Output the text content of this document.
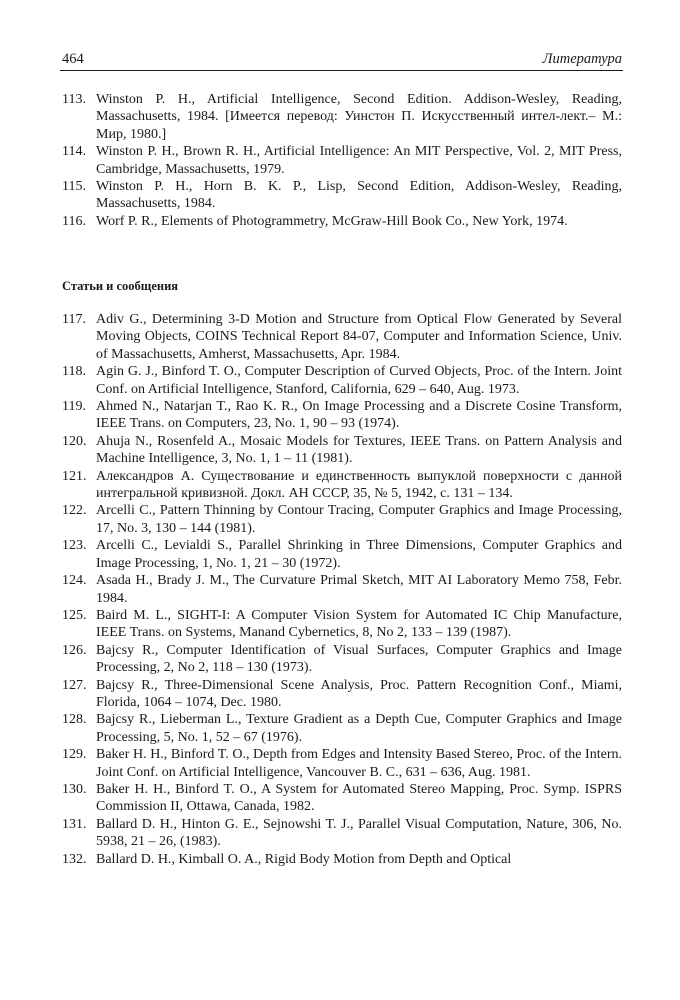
464	Литература
113. Winston P. H., Artificial Intelligence, Second Edition. Addison-Wesley, Reading, Massachusetts, 1984. [Имеется перевод: Уинстон П. Искусственный интел-лект.– М.: Мир, 1980.]
114. Winston P. H., Brown R. H., Artificial Intelligence: An MIT Perspective, Vol. 2, MIT Press, Cambridge, Massachusetts, 1979.
115. Winston P. H., Horn B. K. P., Lisp, Second Edition, Addison-Wesley, Reading, Massachusetts, 1984.
116. Worf P. R., Elements of Photogrammetry, McGraw-Hill Book Co., New York, 1974.
Статьи и сообщения
117. Adiv G., Determining 3-D Motion and Structure from Optical Flow Generated by Several Moving Objects, COINS Technical Report 84-07, Computer and Information Science, Univ. of Massachusetts, Amherst, Massachusetts, Apr. 1984.
118. Agin G. J., Binford T. O., Computer Description of Curved Objects, Proc. of the Intern. Joint Conf. on Artificial Intelligence, Stanford, California, 629 – 640, Aug. 1973.
119. Ahmed N., Natarjan T., Rao K. R., On Image Processing and a Discrete Cosine Transform, IEEE Trans. on Computers, 23, No. 1, 90 – 93 (1974).
120. Ahuja N., Rosenfeld A., Mosaic Models for Textures, IEEE Trans. on Pattern Analysis and Machine Intelligence, 3, No. 1, 1 – 11 (1981).
121. Александров А. Существование и единственность выпуклой поверхности с данной интегральной кривизной. Докл. АН СССР, 35, № 5, 1942, с. 131 – 134.
122. Arcelli C., Pattern Thinning by Contour Tracing, Computer Graphics and Image Processing, 17, No. 3, 130 – 144 (1981).
123. Arcelli C., Levialdi S., Parallel Shrinking in Three Dimensions, Computer Graphics and Image Processing, 1, No. 1, 21 – 30 (1972).
124. Asada H., Brady J. M., The Curvature Primal Sketch, MIT AI Laboratory Memo 758, Febr. 1984.
125. Baird M. L., SIGHT-I: A Computer Vision System for Automated IC Chip Manufacture, IEEE Trans. on Systems, Manand Cybernetics, 8, No 2, 133 – 139 (1987).
126. Bajcsy R., Computer Identification of Visual Surfaces, Computer Graphics and Image Processing, 2, No 2, 118 – 130 (1973).
127. Bajcsy R., Three-Dimensional Scene Analysis, Proc. Pattern Recognition Conf., Miami, Florida, 1064 – 1074, Dec. 1980.
128. Bajcsy R., Lieberman L., Texture Gradient as a Depth Cue, Computer Graphics and Image Processing, 5, No. 1, 52 – 67 (1976).
129. Baker H. H., Binford T. O., Depth from Edges and Intensity Based Stereo, Proc. of the Intern. Joint Conf. on Artificial Intelligence, Vancouver B. C., 631 – 636, Aug. 1981.
130. Baker H. H., Binford T. O., A System for Automated Stereo Mapping, Proc. Symp. ISPRS Commission II, Ottawa, Canada, 1982.
131. Ballard D. H., Hinton G. E., Sejnowshi T. J., Parallel Visual Computation, Nature, 306, No. 5938, 21 – 26, (1983).
132. Ballard D. H., Kimball O. A., Rigid Body Motion from Depth and Optical
